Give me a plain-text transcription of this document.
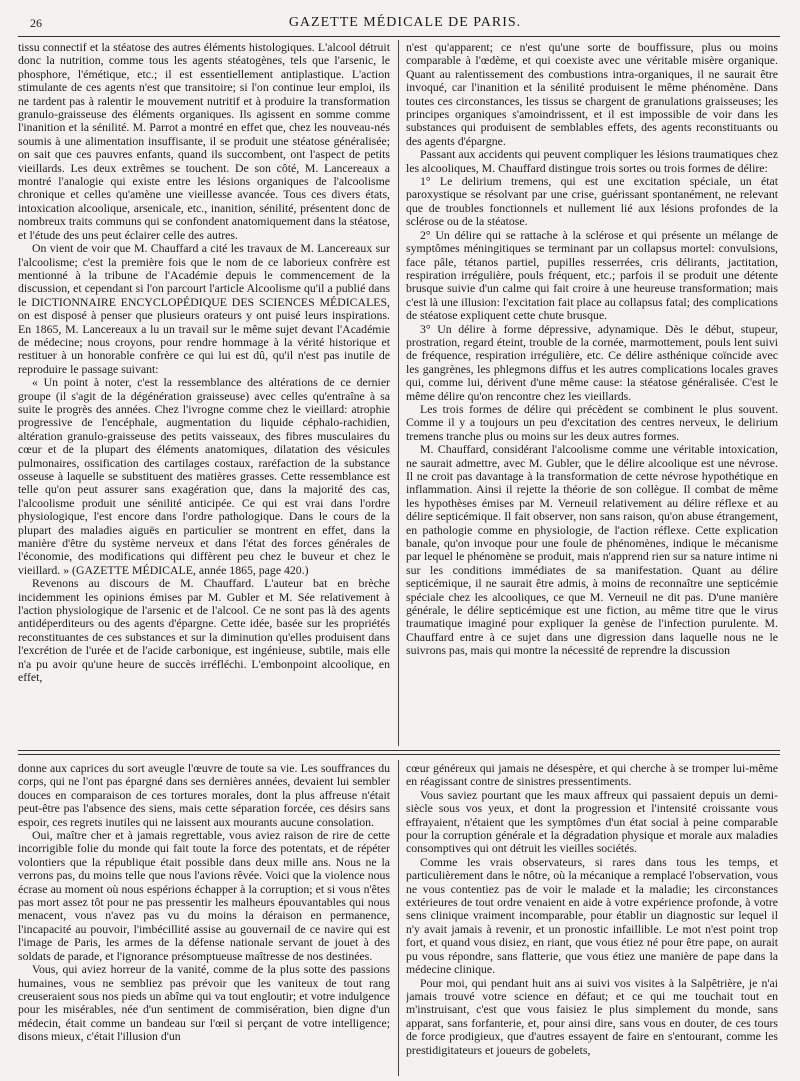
26	GAZETTE MÉDICALE DE PARIS.

tissu connectif et la stéatose des autres éléments histologiques. L'alcool détruit donc la nutrition, comme tous les agents stéatogènes, tels que l'arsenic, le phosphore, l'émétique, etc.; il est essentiellement antiplastique. L'action stimulante de ces agents n'est que transitoire; si l'on continue leur emploi, ils ne tardent pas à ralentir le mouvement nutritif et à produire la transformation granulo-graisseuse des éléments organiques. Ils agissent en somme comme l'inanition et la sénilité. M. Parrot a montré en effet que, chez les nouveau-nés soumis à une alimentation insuffisante, il se produit une stéatose généralisée; on sait que ces pauvres enfants, quand ils succombent, ont l'aspect de petits vieillards. Les deux extrêmes se touchent. De son côté, M. Lancereaux a montré l'analogie qui existe entre les lésions organiques de l'alcoolisme chronique et celles qu'amène une vieillesse avancée. Tous ces divers états, intoxication alcoolique, arsenicale, etc., inanition, sénilité, présentent donc de nombreux traits communs qui se confondent anatomiquement dans la stéatose, et l'étude des uns peut éclairer celle des autres.

On vient de voir que M. Chauffard a cité les travaux de M. Lancereaux sur l'alcoolisme; c'est la première fois que le nom de ce laborieux confrère est mentionné à la tribune de l'Académie depuis le commencement de la discussion, et cependant si l'on parcourt l'article Alcoolisme qu'il a publié dans le DICTIONNAIRE ENCYCLOPÉDIQUE DES SCIENCES MÉDICALES, on est disposé à penser que plusieurs orateurs y ont puisé leurs inspirations. En 1865, M. Lancereaux a lu un travail sur le même sujet devant l'Académie de médecine; nous croyons, pour rendre hommage à la vérité historique et restituer à un honorable confrère ce qui lui est dû, qu'il n'est pas inutile de reproduire le passage suivant:

« Un point à noter, c'est la ressemblance des altérations de ce dernier groupe (il s'agit de la dégénération graisseuse) avec celles qu'entraîne à sa suite le progrès des années. Chez l'ivrogne comme chez le vieillard: atrophie progressive de l'encéphale, augmentation du liquide céphalo-rachidien, altération granulo-graisseuse des petits vaisseaux, des fibres musculaires du cœur et de la plupart des éléments anatomiques, dilatation des vésicules pulmonaires, ossification des cartilages costaux, raréfaction de la substance osseuse à laquelle se substituent des matières grasses. Cette ressemblance est telle qu'on peut assurer sans exagération que, dans la majorité des cas, l'alcoolisme produit une sénilité anticipée. Ce qui est vrai dans l'ordre physiologique, l'est encore dans l'ordre pathologique. Dans le cours de la plupart des maladies aiguës en particulier se montrent en effet, dans la manière d'être du système nerveux et dans l'état des forces générales de l'économie, des modifications qui diffèrent peu chez le buveur et chez le vieillard. » (GAZETTE MÉDICALE, année 1865, page 420.)

Revenons au discours de M. Chauffard. L'auteur bat en brèche incidemment les opinions émises par M. Gubler et M. Sée relativement à l'action physiologique de l'arsenic et de l'alcool. Ce ne sont pas là des agents antidéperditeurs ou des agents d'épargne. Cette idée, basée sur les propriétés reconstituantes de ces substances et sur la diminution qu'elles produisent dans l'excrétion de l'urée et de l'acide carbonique, est ingénieuse, subtile, mais elle n'a pu avoir qu'une heure de succès irréfléchi. L'embonpoint alcoolique, en effet,

n'est qu'apparent; ce n'est qu'une sorte de bouffissure, plus ou moins comparable à l'œdème, et qui coexiste avec une véritable misère organique. Quant au ralentissement des combustions intra-organiques, il ne saurait être invoqué, car l'inanition et la sénilité produisent le même phénomène. Dans toutes ces circonstances, les tissus se chargent de granulations graisseuses; les principes organiques s'amoindrissent, et il est impossible de voir dans les substances qui produisent de semblables effets, des agents reconstituants ou des agents d'épargne.

Passant aux accidents qui peuvent compliquer les lésions traumatiques chez les alcooliques, M. Chauffard distingue trois sortes ou trois formes de délire:

1° Le delirium tremens, qui est une excitation spéciale, un état paroxystique se résolvant par une crise, guérissant spontanément, ne relevant que de troubles fonctionnels et nullement lié aux lésions profondes de la sclérose ou de la stéatose.

2° Un délire qui se rattache à la sclérose et qui présente un mélange de symptômes méningitiques se terminant par un collapsus mortel: convulsions, face pâle, tétanos partiel, pupilles resserrées, cris délirants, jactitation, respiration irrégulière, pouls fréquent, etc.; parfois il se produit une détente brusque suivie d'un calme qui fait croire à une heureuse transformation; mais c'est là une illusion: l'excitation fait place au collapsus fatal; des complications de stéatose expliquent cette chute brusque.

3° Un délire à forme dépressive, adynamique. Dès le début, stupeur, prostration, regard éteint, trouble de la cornée, marmottement, pouls lent suivi de fréquence, respiration irrégulière, etc. Ce délire asthénique coïncide avec les gangrènes, les phlegmons diffus et les autres complications locales graves qui, comme lui, dérivent d'une même cause: la stéatose généralisée. C'est le même délire qu'on rencontre chez les vieillards.

Les trois formes de délire qui précèdent se combinent le plus souvent. Comme il y a toujours un peu d'excitation des centres nerveux, le delirium tremens tranche plus ou moins sur les deux autres formes.

M. Chauffard, considérant l'alcoolisme comme une véritable intoxication, ne saurait admettre, avec M. Gubler, que le délire alcoolique est une névrose. Il ne croit pas davantage à la transformation de cette névrose hypothétique en inflammation. Ainsi il rejette la théorie de son collègue. Il combat de même les hypothèses émises par M. Verneuil relativement au délire réflexe et au délire septicémique. Il fait observer, non sans raison, qu'on abuse étrangement, en pathologie comme en physiologie, de l'action réflexe. Cette explication banale, qu'on invoque pour une foule de phénomènes, indique le mécanisme par lequel le phénomène se produit, mais n'apprend rien sur sa nature intime ni sur les conditions immédiates de sa manifestation. Quant au délire septicémique, il ne saurait être admis, à moins de reconnaître une septicémie spéciale chez les alcooliques, ce que M. Verneuil ne dit pas. D'une manière générale, le délire septicémique est une fiction, au même titre que le virus traumatique imaginé pour expliquer la genèse de l'infection purulente. M. Chauffard entre à ce sujet dans une digression dans laquelle nous ne le suivrons pas, mais qui montre la nécessité de reprendre la discussion

donne aux caprices du sort aveugle l'œuvre de toute sa vie. Les souffrances du corps, qui ne l'ont pas épargné dans ses dernières années, devaient lui sembler douces en comparaison de ces tortures morales, dont la plus affreuse n'était peut-être pas l'absence des siens, mais cette séparation forcée, ces désirs sans espoir, ces regrets inutiles qui ne laissent aux mourants aucune consolation.

Oui, maître cher et à jamais regrettable, vous aviez raison de rire de cette incorrigible folie du monde qui fait toute la force des potentats, et de répéter volontiers que la république était possible dans deux mille ans. Nous ne la verrons pas, du moins telle que nous l'avions rêvée. Voici que la violence nous écrase au moment où nous espérions échapper à la corruption; et si vous n'êtes pas mort assez tôt pour ne pas pressentir les malheurs épouvantables qui nous menacent, vous n'avez pas vu du moins la déraison en permanence, l'incapacité au pouvoir, l'imbécillité assise au gouvernail de ce navire qui est l'image de Paris, les armes de la défense nationale servant de jouet à des soldats de parade, et l'ignorance présomptueuse maîtresse de nos destinées.

Vous, qui aviez horreur de la vanité, comme de la plus sotte des passions humaines, vous ne sembliez pas prévoir que les vaniteux de tout rang creuseraient sous nos pieds un abîme qui va tout engloutir; et votre indulgence pour les misérables, née d'un sentiment de commisération, bien digne d'un médecin, était comme un bandeau sur l'œil si perçant de votre intelligence; disons mieux, c'était l'illusion d'un

cœur généreux qui jamais ne désespère, et qui cherche à se tromper lui-même en réagissant contre de sinistres pressentiments.

Vous saviez pourtant que les maux affreux qui passaient depuis un demi-siècle sous vos yeux, et dont la progression et l'intensité croissante vous effrayaient, n'étaient que les symptômes d'un état social à peine comparable pour la corruption générale et la dégradation physique et morale aux maladies consomptives qui ont détruit les vieilles sociétés.

Comme les vrais observateurs, si rares dans tous les temps, et particulièrement dans le nôtre, où la mécanique a remplacé l'observation, vous ne vous contentiez pas de voir le malade et la maladie; les circonstances extérieures de tout ordre venaient en aide à votre expérience profonde, à votre sens clinique vraiment incomparable, pour établir un diagnostic sur lequel il n'y avait jamais à revenir, et un pronostic infaillible. Le mot n'est point trop fort, et quand vous disiez, en riant, que vous étiez né pour être pape, on aurait pu vous répondre, sans flatterie, que vous étiez une manière de pape dans la médecine clinique.

Pour moi, qui pendant huit ans ai suivi vos visites à la Salpêtrière, je n'ai jamais trouvé votre science en défaut; et ce qui me touchait tout en m'instruisant, c'est que vous faisiez le plus simplement du monde, sans apparat, sans forfanterie, et, pour ainsi dire, sans vous en douter, de ces tours de force prodigieux, que d'autres essayent de faire en s'entourant, comme les prestidigitateurs et joueurs de gobelets,
